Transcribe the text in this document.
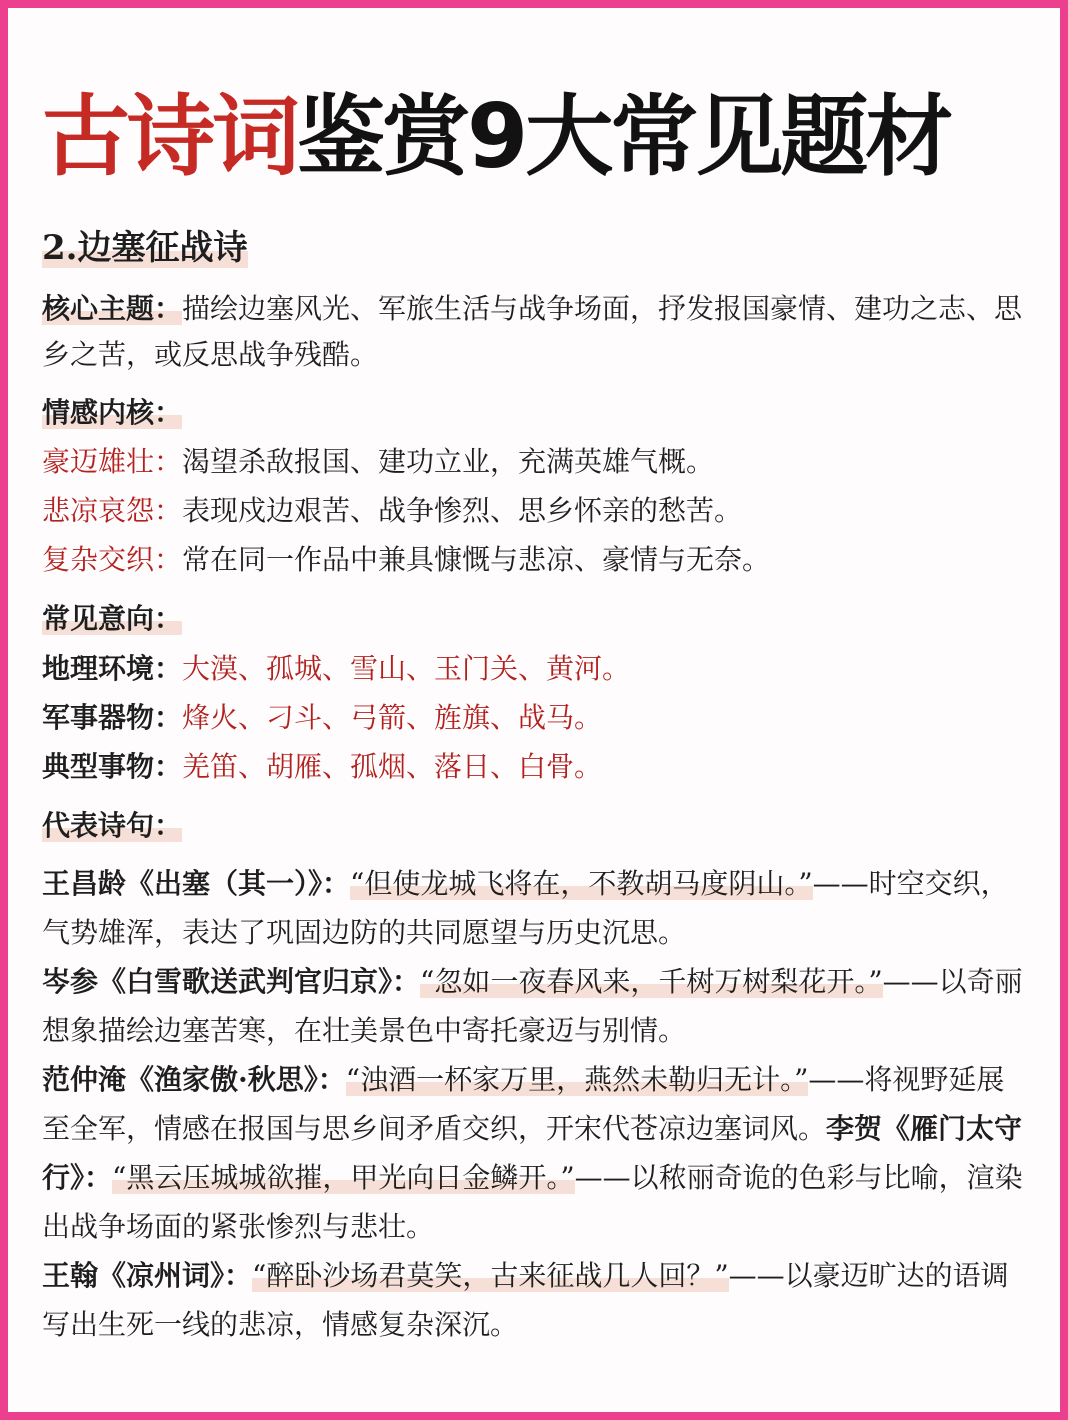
古诗词鉴赏9大常见题材
2.边塞征战诗
核心主题：描绘边塞风光、军旅生活与战争场面，抒发报国豪情、建功之志、思乡之苦，或反思战争残酷。
情感内核：
豪迈雄壮：渴望杀敌报国、建功立业，充满英雄气概。
悲凉哀怨：表现戍边艰苦、战争惨烈、思乡怀亲的愁苦。
复杂交织：常在同一作品中兼具慷慨与悲凉、豪情与无奈。
常见意向：
地理环境：大漠、孤城、雪山、玉门关、黄河。
军事器物：烽火、刁斗、弓箭、旌旗、战马。
典型事物：羌笛、胡雁、孤烟、落日、白骨。
代表诗句：
王昌龄《出塞（其一）》：“但使龙城飞将在，不教胡马度阴山。”——时空交织，气势雄浑，表达了巩固边防的共同愿望与历史沉思。
岑参《白雪歌送武判官归京》：“忽如一夜春风来，千树万树梨花开。”——以奇丽想象描绘边塞苦寒，在壮美景色中寄托豪迈与别情。
范仲淹《渔家傲·秋思》：“浊酒一杯家万里，燕然未勒归无计。”——将视野延展至全军，情感在报国与思乡间矛盾交织，开宋代苍凉边塞词风。李贺《雁门太守行》：“黑云压城城欲摧，甲光向日金鳞开。”——以秾丽奇诡的色彩与比喻，渲染出战争场面的紧张惨烈与悲壮。
王翰《凉州词》：“醉卧沙场君莫笑，古来征战几人回？”——以豪迈旷达的语调写出生死一线的悲凉，情感复杂深沉。
